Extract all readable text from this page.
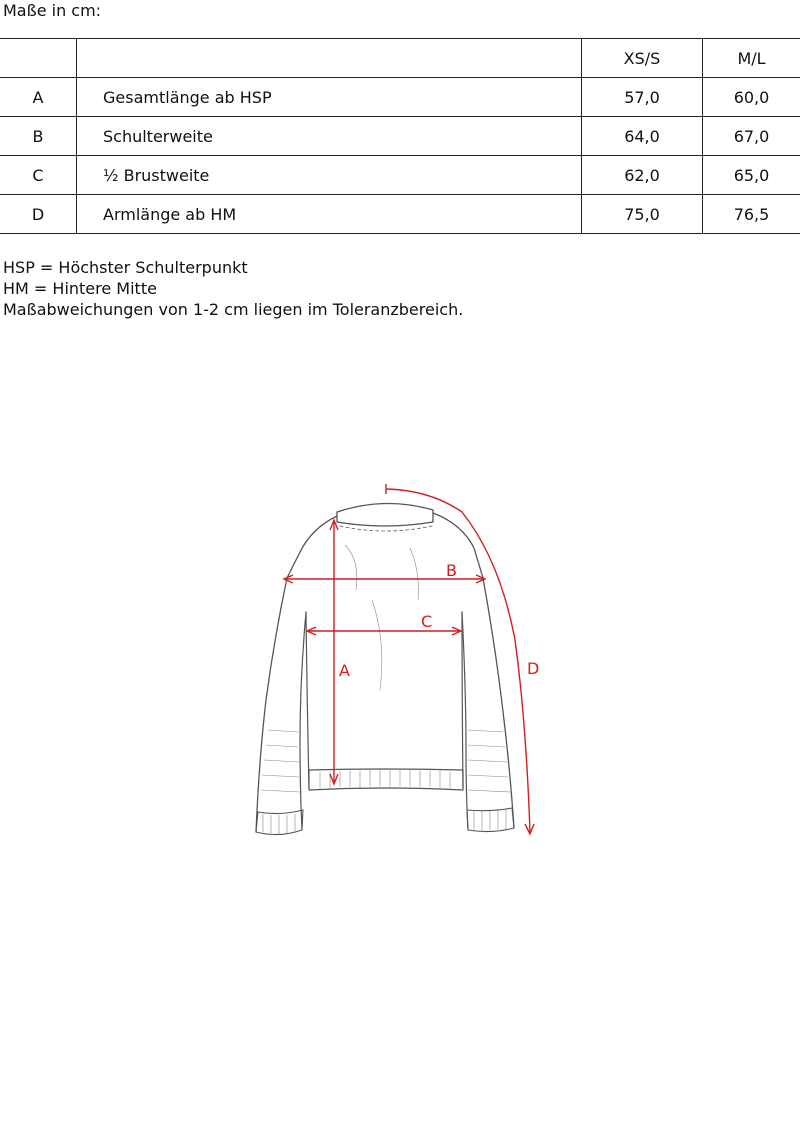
Maße in cm:
		XS/S	M/L
A	Gesamtlänge ab HSP	57,0	60,0
B	Schulterweite	64,0	67,0
C	½ Brustweite	62,0	65,0
D	Armlänge ab HM	75,0	76,5
HSP = Höchster Schulterpunkt
HM = Hintere Mitte
Maßabweichungen von 1-2 cm liegen im Toleranzbereich.
A
B
C
D
